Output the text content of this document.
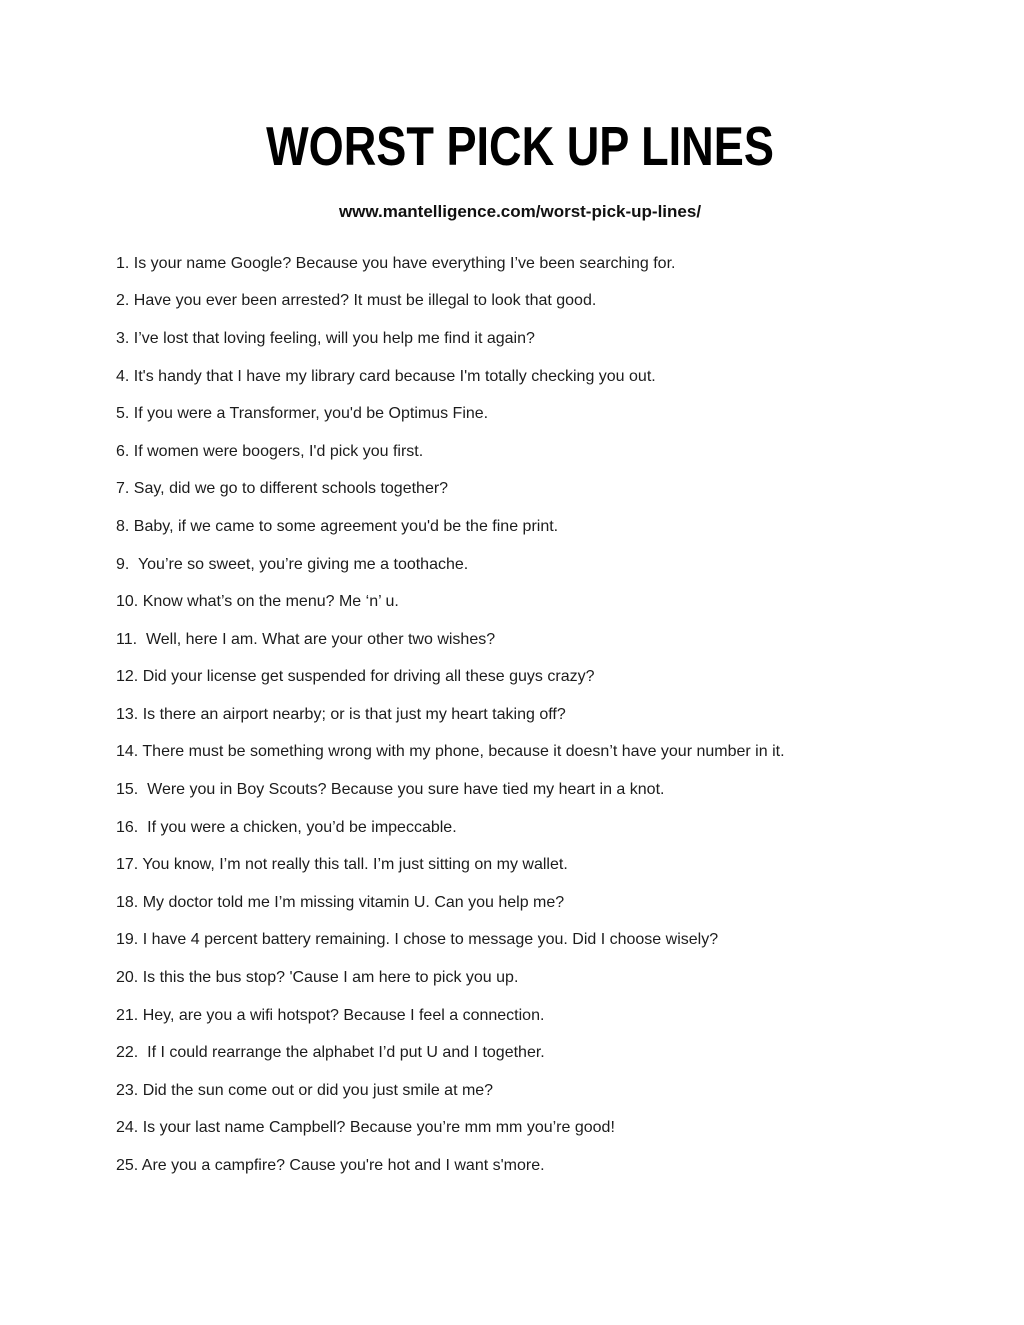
WORST PICK UP LINES
www.mantelligence.com/worst-pick-up-lines/

1. Is your name Google? Because you have everything I’ve been searching for.

2. Have you ever been arrested? It must be illegal to look that good.

3. I’ve lost that loving feeling, will you help me find it again?

4. It's handy that I have my library card because I'm totally checking you out.

5. If you were a Transformer, you'd be Optimus Fine.

6. If women were boogers, I'd pick you first.

7. Say, did we go to different schools together?

8. Baby, if we came to some agreement you'd be the fine print.

9.  You’re so sweet, you’re giving me a toothache.

10. Know what’s on the menu? Me ‘n’ u.

11.  Well, here I am. What are your other two wishes?

12. Did your license get suspended for driving all these guys crazy?

13. Is there an airport nearby; or is that just my heart taking off?

14. There must be something wrong with my phone, because it doesn’t have your number in it.

15.  Were you in Boy Scouts? Because you sure have tied my heart in a knot.

16.  If you were a chicken, you’d be impeccable.

17. You know, I’m not really this tall. I’m just sitting on my wallet.

18. My doctor told me I’m missing vitamin U. Can you help me?

19. I have 4 percent battery remaining. I chose to message you. Did I choose wisely?

20. Is this the bus stop? 'Cause I am here to pick you up.

21. Hey, are you a wifi hotspot? Because I feel a connection.

22.  If I could rearrange the alphabet I’d put U and I together.

23. Did the sun come out or did you just smile at me?

24. Is your last name Campbell? Because you’re mm mm you’re good!

25. Are you a campfire? Cause you're hot and I want s'more.
